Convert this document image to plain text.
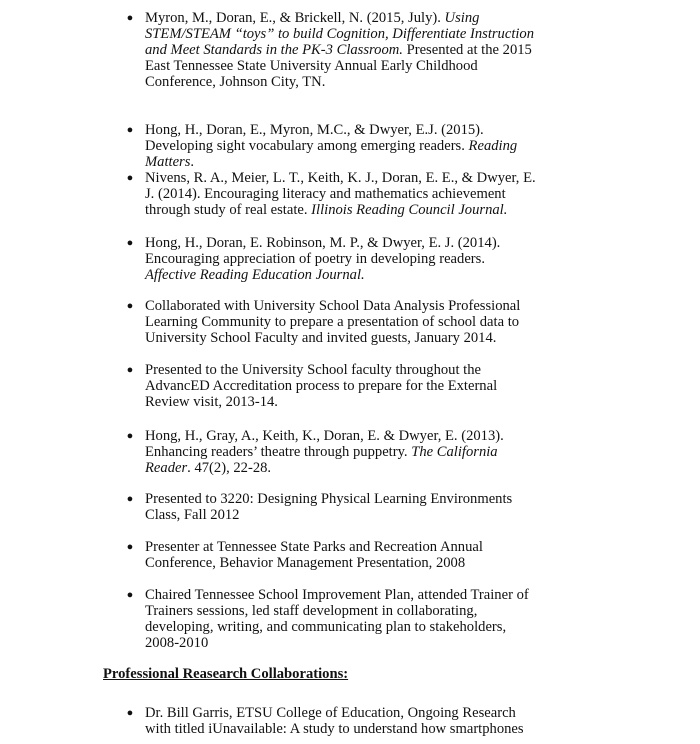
● Myron, M., Doran, E., & Brickell, N. (2015, July). Using
STEM/STEAM “toys” to build Cognition, Differentiate Instruction
and Meet Standards in the PK-3 Classroom. Presented at the 2015
East Tennessee State University Annual Early Childhood
Conference, Johnson City, TN.
● Hong, H., Doran, E., Myron, M.C., & Dwyer, E.J. (2015).
Developing sight vocabulary among emerging readers. Reading
Matters.
● Nivens, R. A., Meier, L. T., Keith, K. J., Doran, E. E., & Dwyer, E.
J. (2014). Encouraging literacy and mathematics achievement
through study of real estate. Illinois Reading Council Journal.
● Hong, H., Doran, E. Robinson, M. P., & Dwyer, E. J. (2014).
Encouraging appreciation of poetry in developing readers.
Affective Reading Education Journal.
● Collaborated with University School Data Analysis Professional
Learning Community to prepare a presentation of school data to
University School Faculty and invited guests, January 2014.
● Presented to the University School faculty throughout the
AdvancED Accreditation process to prepare for the External
Review visit, 2013-14.
● Hong, H., Gray, A., Keith, K., Doran, E. & Dwyer, E. (2013).
Enhancing readers’ theatre through puppetry. The California
Reader. 47(2), 22-28.
● Presented to 3220: Designing Physical Learning Environments
Class, Fall 2012
● Presenter at Tennessee State Parks and Recreation Annual
Conference, Behavior Management Presentation, 2008
● Chaired Tennessee School Improvement Plan, attended Trainer of
Trainers sessions, led staff development in collaborating,
developing, writing, and communicating plan to stakeholders,
2008-2010
Professional Reasearch Collaborations:
● Dr. Bill Garris, ETSU College of Education, Ongoing Research
with titled iUnavailable: A study to understand how smartphones
